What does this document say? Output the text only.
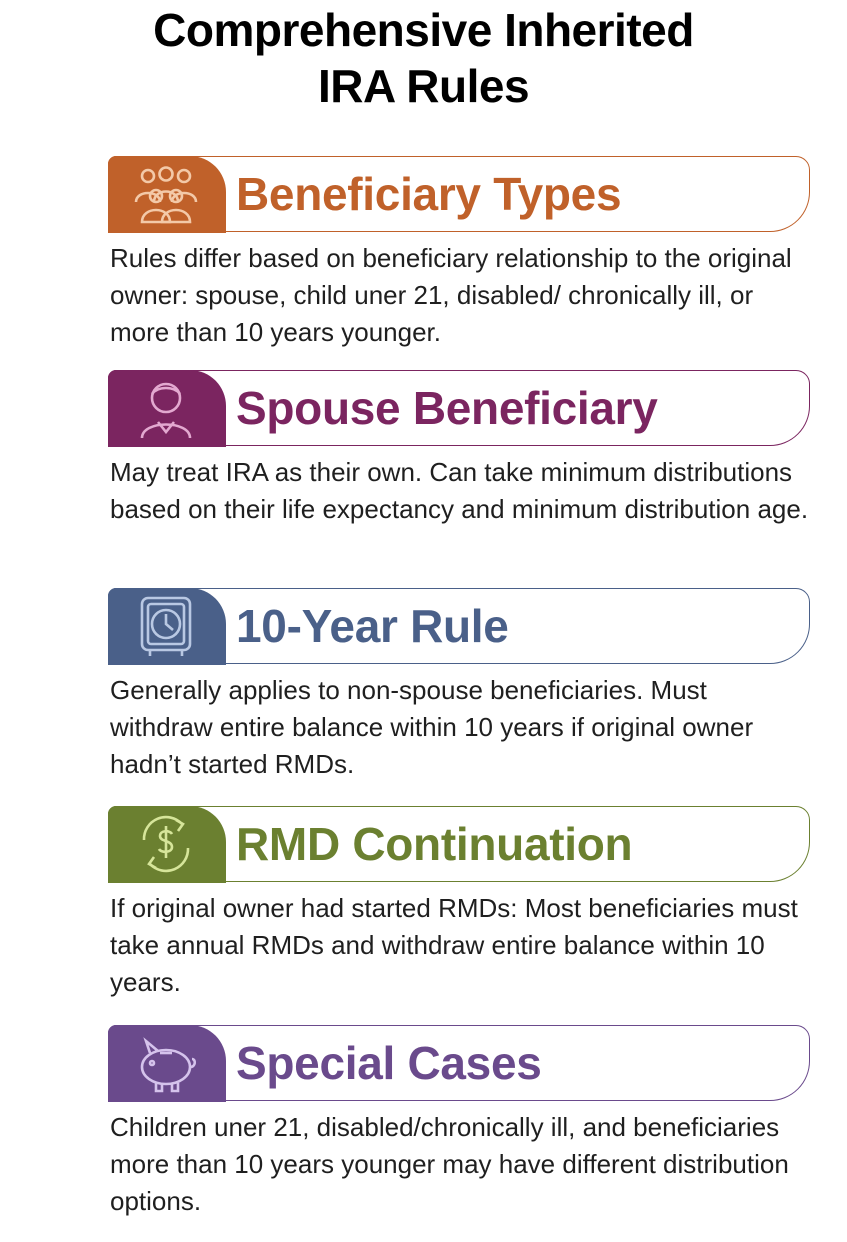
Comprehensive Inherited
IRA Rules
Beneficiary Types

Rules differ based on beneficiary relationship to the original owner: spouse, child uner 21, disabled/ chronically ill, or more than 10 years younger.

Spouse Beneficiary

May treat IRA as their own. Can take minimum distributions based on their life expectancy and minimum distribution age.

10-Year Rule

Generally applies to non-spouse beneficiaries. Must withdraw entire balance within 10 years if original owner hadn’t started RMDs.

RMD Continuation

If original owner had started RMDs: Most beneficiaries must take annual RMDs and withdraw entire balance within 10 years.

Special Cases

Children uner 21, disabled/chronically ill, and beneficiaries more than 10 years younger may have different distribution options.
